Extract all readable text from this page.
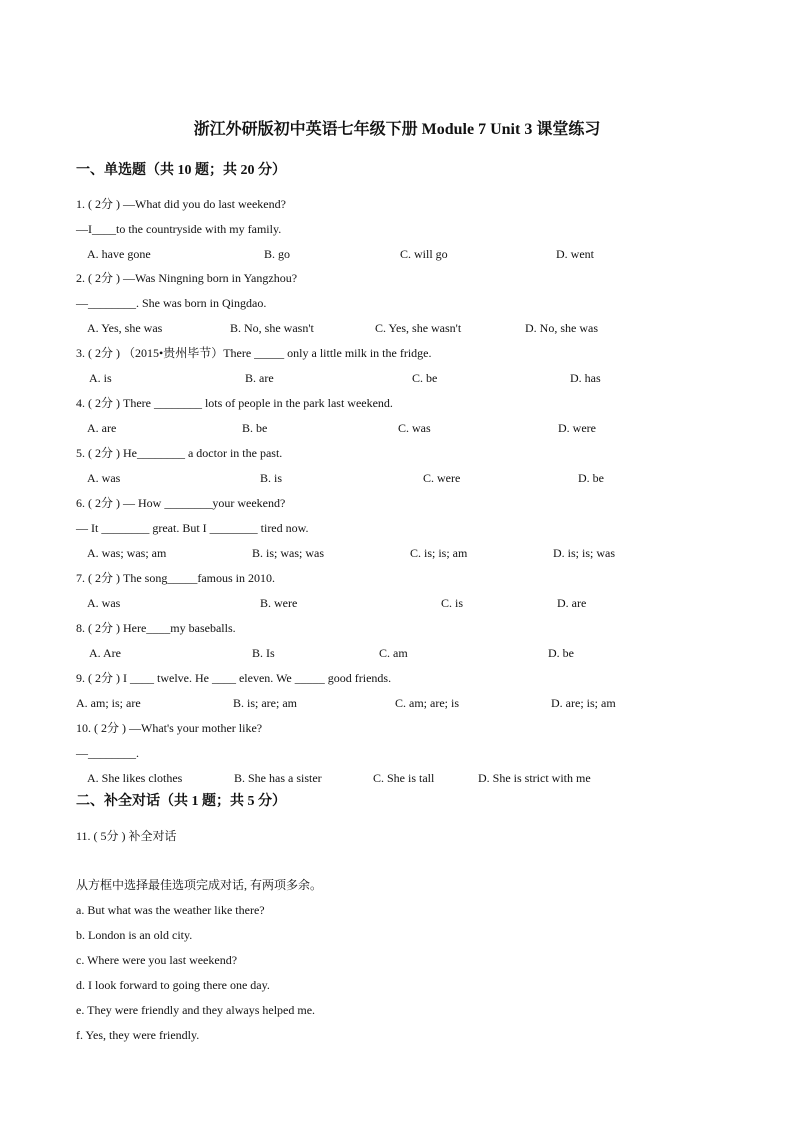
浙江外研版初中英语七年级下册 Module 7 Unit 3 课堂练习
一、单选题（共 10 题；共 20 分）
1. ( 2分 ) —What did you do last weekend?
—I____to the countryside with my family.
A. have gone	B. go	C. will go	D. went
2. ( 2分 ) —Was Ningning born in Yangzhou?
—________. She was born in Qingdao.
A. Yes, she was	B. No, she wasn't	C. Yes, she wasn't	D. No, she was
3. ( 2分 ) （2015•贵州毕节）There _____ only a little milk in the fridge.
A. is	B. are	C. be	D. has
4. ( 2分 ) There ________ lots of people in the park last weekend.
A. are	B. be	C. was	D. were
5. ( 2分 ) He________ a doctor in the past.
A. was	B. is	C. were	D. be
6. ( 2分 ) — How ________your weekend?
— It ________ great. But I ________ tired now.
A. was; was; am	B. is; was; was	C. is; is; am	D. is; is; was
7. ( 2分 ) The song_____famous in 2010.
A. was	B. were	C. is	D. are
8. ( 2分 ) Here____my baseballs.
A. Are	B. Is	C. am	D. be
9. ( 2分 ) I ____ twelve. He ____ eleven. We _____ good friends.
A. am; is; are	B. is; are; am	C. am; are; is	D. are; is; am
10. ( 2分 ) —What's your mother like?
—________.
A. She likes clothes	B. She has a sister	C. She is tall	D. She is strict with me
二、补全对话（共 1 题；共 5 分）
11. ( 5分 ) 补全对话
从方框中选择最佳选项完成对话, 有两项多余。
a. But what was the weather like there?
b. London is an old city.
c. Where were you last weekend?
d. I look forward to going there one day.
e. They were friendly and they always helped me.
f. Yes, they were friendly.
